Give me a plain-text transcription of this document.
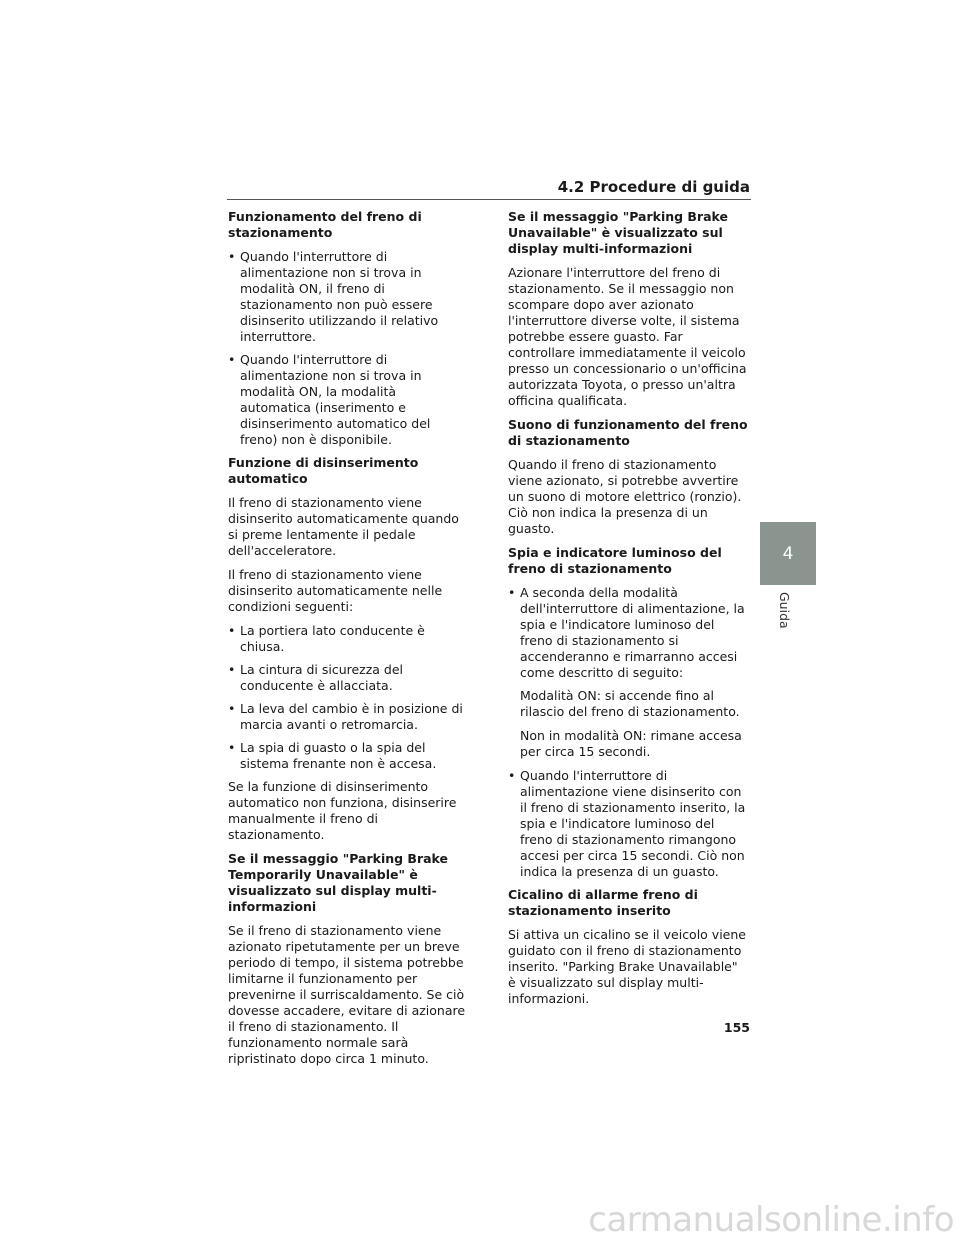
4.2 Procedure di guida
Funzionamento del freno di stazionamento
• Quando l'interruttore di alimentazione non si trova in modalità ON, il freno di stazionamento non può essere disinserito utilizzando il relativo interruttore.
• Quando l'interruttore di alimentazione non si trova in modalità ON, la modalità automatica (inserimento e disinserimento automatico del freno) non è disponibile.
Funzione di disinserimento automatico
Il freno di stazionamento viene disinserito automaticamente quando si preme lentamente il pedale dell'acceleratore.
Il freno di stazionamento viene disinserito automaticamente nelle condizioni seguenti:
• La portiera lato conducente è chiusa.
• La cintura di sicurezza del conducente è allacciata.
• La leva del cambio è in posizione di marcia avanti o retromarcia.
• La spia di guasto o la spia del sistema frenante non è accesa.
Se la funzione di disinserimento automatico non funziona, disinserire manualmente il freno di stazionamento.
Se il messaggio "Parking Brake Temporarily Unavailable" è visualizzato sul display multi-informazioni
Se il freno di stazionamento viene azionato ripetutamente per un breve periodo di tempo, il sistema potrebbe limitarne il funzionamento per prevenirne il surriscaldamento. Se ciò dovesse accadere, evitare di azionare il freno di stazionamento. Il funzionamento normale sarà ripristinato dopo circa 1 minuto.
Se il messaggio "Parking Brake Unavailable" è visualizzato sul display multi-informazioni
Azionare l'interruttore del freno di stazionamento. Se il messaggio non scompare dopo aver azionato l'interruttore diverse volte, il sistema potrebbe essere guasto. Far controllare immediatamente il veicolo presso un concessionario o un'officina autorizzata Toyota, o presso un'altra officina qualificata.
Suono di funzionamento del freno di stazionamento
Quando il freno di stazionamento viene azionato, si potrebbe avvertire un suono di motore elettrico (ronzio). Ciò non indica la presenza di un guasto.
Spia e indicatore luminoso del freno di stazionamento
• A seconda della modalità dell'interruttore di alimentazione, la spia e l'indicatore luminoso del freno di stazionamento si accenderanno e rimarranno accesi come descritto di seguito:
Modalità ON: si accende fino al rilascio del freno di stazionamento.
Non in modalità ON: rimane accesa per circa 15 secondi.
• Quando l'interruttore di alimentazione viene disinserito con il freno di stazionamento inserito, la spia e l'indicatore luminoso del freno di stazionamento rimangono accesi per circa 15 secondi. Ciò non indica la presenza di un guasto.
Cicalino di allarme freno di stazionamento inserito
Si attiva un cicalino se il veicolo viene guidato con il freno di stazionamento inserito. "Parking Brake Unavailable" è visualizzato sul display multi-informazioni.
4
Guida
155
carmanualsonline.info
